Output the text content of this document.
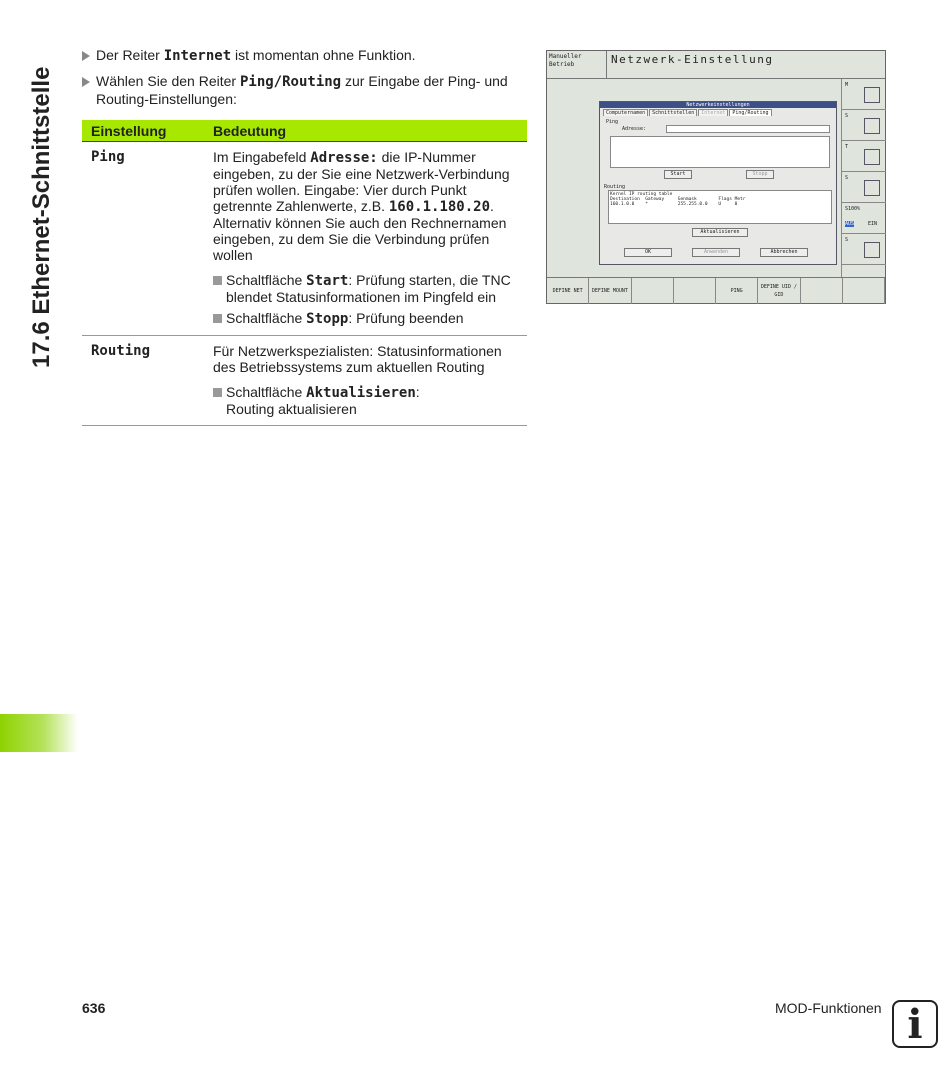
17.6 Ethernet-Schnittstelle
Der Reiter Internet ist momentan ohne Funktion.
Wählen Sie den Reiter Ping/Routing zur Eingabe der Ping- und Routing-Einstellungen:
Einstellung	Bedeutung
Ping	Im Eingabefeld Adresse: die IP-Nummer eingeben, zu der Sie eine Netzwerk-Verbindung prüfen wollen. Eingabe: Vier durch Punkt getrennte Zahlenwerte, z.B. 160.1.180.20. Alternativ können Sie auch den Rechnernamen eingeben, zu dem Sie die Verbindung prüfen wollen
Schaltfläche Start: Prüfung starten, die TNC blendet Statusinformationen im Pingfeld ein
Schaltfläche Stopp: Prüfung beenden

Routing	Für Netzwerkspezialisten: Statusinformationen des Betriebssystems zum aktuellen Routing
Schaltfläche Aktualisieren:
Routing aktualisieren
Manueller Betrieb	Netzwerk-Einstellung
Netzwerkeinstellungen
Computernamen	Schnittstellen	Internet	Ping/Routing
Ping
Adresse:
Start	Stopp
Routing
Kernel IP routing table
Destination  Gateway     Genmask        Flags Metr
160.1.0.0    *           255.255.0.0    U     0
Aktualisieren
OK	Anwenden	Abbrechen
M
S
T
S
S100%
AUS	EIN
S
DEFINE NET	DEFINE MOUNT	PING
DEFINE UID / GID
636	MOD-Funktionen i
